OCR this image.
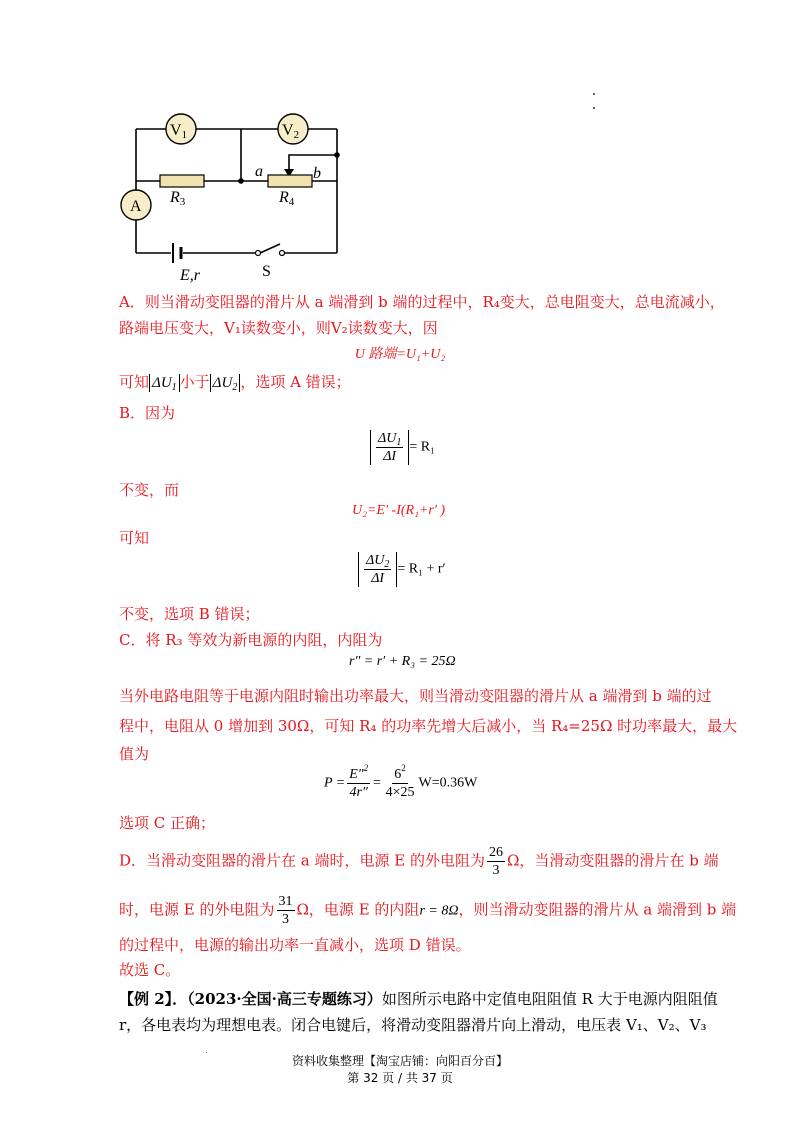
V1	V2
A
R3	R4
a	b
E,r	S
A．则当滑动变阻器的滑片从 a 端滑到 b 端的过程中，R₄变大，总电阻变大，总电流减小，
路端电压变大，V₁读数变小，则V₂读数变大，因
U 路端=U₁+U₂
可知 $\Delta U_1$ 小于 $\Delta U_2$ ，选项 A 错误；
B．因为
$\frac{\Delta U_1}{\Delta I} = R_1$
不变，而
U₂=E′ -I(R₁+r′ )
可知
$\frac{\Delta U_2}{\Delta I} = R_1 + r'$
不变，选项 B 错误；
C．将 R₃ 等效为新电源的内阻，内阻为
r″ = r′ + R₃ = 25Ω
当外电路电阻等于电源内阻时输出功率最大，则当滑动变阻器的滑片从 a 端滑到 b 端的过
程中，电阻从 0 增加到 30Ω，可知 R₄ 的功率先增大后减小，当 R₄=25Ω 时功率最大，最大
值为
$P = \frac{E''^2}{4r''} = \frac{6^2}{4\times 25} W=0.36W$
选项 C 正确；
D．当滑动变阻器的滑片在 a 端时，电源 E 的外电阻为 $\frac{26}{3}$ Ω，当滑动变阻器的滑片在 b 端
时，电源 E 的外电阻为 $\frac{31}{3}$ Ω，电源 E 的内阻r = 8Ω，则当滑动变阻器的滑片从 a 端滑到 b 端
的过程中，电源的输出功率一直减小，选项 D 错误。
故选 C。
【例 2】．（2023·全国·高三专题练习）如图所示电路中定值电阻阻值 R 大于电源内阻阻值
r，各电表均为理想电表。闭合电键后，将滑动变阻器滑片向上滑动，电压表 V₁、V₂、V₃
资料收集整理【淘宝店铺：向阳百分百】
第 32 页 / 共 37 页
